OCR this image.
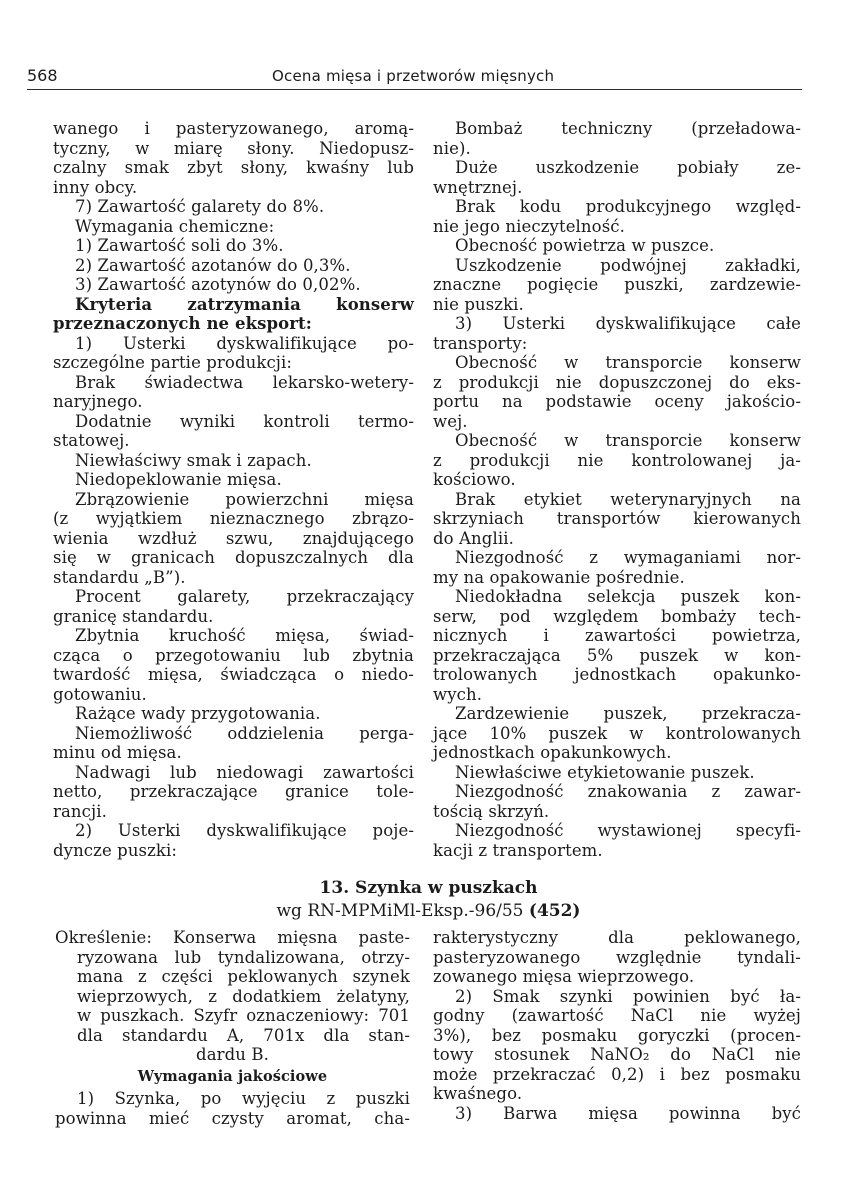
568	Ocena mięsa i przetworów mięsnych
wanego i pasteryzowanego, aromą-
tyczny, w miarę słony. Niedopusz-
czalny smak zbyt słony, kwaśny lub
inny obcy.
7) Zawartość galarety do 8%.
Wymagania chemiczne:
1) Zawartość soli do 3%.
2) Zawartość azotanów do 0,3%.
3) Zawartość azotynów do 0,02%.
Kryteria zatrzymania konserw
przeznaczonych ne eksport:
1) Usterki dyskwalifikujące po-
szczególne partie produkcji:
Brak świadectwa lekarsko-wetery-
naryjnego.
Dodatnie wyniki kontroli termo-
statowej.
Niewłaściwy smak i zapach.
Niedopeklowanie mięsa.
Zbrązowienie powierzchni mięsa
(z wyjątkiem nieznacznego zbrązo-
wienia wzdłuż szwu, znajdującego
się w granicach dopuszczalnych dla
standardu „B”).
Procent galarety, przekraczający
granicę standardu.
Zbytnia kruchość mięsa, świad-
cząca o przegotowaniu lub zbytnia
twardość mięsa, świadcząca o niedo-
gotowaniu.
Rażące wady przygotowania.
Niemożliwość oddzielenia perga-
minu od mięsa.
Nadwagi lub niedowagi zawartości
netto, przekraczające granice tole-
rancji.
2) Usterki dyskwalifikujące poje-
dyncze puszki:
Bombaż techniczny (przeładowa-
nie).
Duże uszkodzenie pobiały ze-
wnętrznej.
Brak kodu produkcyjnego względ-
nie jego nieczytelność.
Obecność powietrza w puszce.
Uszkodzenie podwójnej zakładki,
znaczne pogięcie puszki, zardzewie-
nie puszki.
3) Usterki dyskwalifikujące całe
transporty:
Obecność w transporcie konserw
z produkcji nie dopuszczonej do eks-
portu na podstawie oceny jakościo-
wej.
Obecność w transporcie konserw
z produkcji nie kontrolowanej ja-
kościowo.
Brak etykiet weterynaryjnych na
skrzyniach transportów kierowanych
do Anglii.
Niezgodność z wymaganiami nor-
my na opakowanie pośrednie.
Niedokładna selekcja puszek kon-
serw, pod względem bombaży tech-
nicznych i zawartości powietrza,
przekraczająca 5% puszek w kon-
trolowanych jednostkach opakunko-
wych.
Zardzewienie puszek, przekracza-
jące 10% puszek w kontrolowanych
jednostkach opakunkowych.
Niewłaściwe etykietowanie puszek.
Niezgodność znakowania z zawar-
tością skrzyń.
Niezgodność wystawionej specyfi-
kacji z transportem.
13. Szynka w puszkach
wg RN-MPMiMl-Eksp.-96/55 (452)
Określenie: Konserwa mięsna paste-
ryzowana lub tyndalizowana, otrzy-
mana z części peklowanych szynek
wieprzowych, z dodatkiem żelatyny,
w puszkach. Szyfr oznaczeniowy: 701
dla standardu A, 701x dla stan-
dardu B.
Wymagania jakościowe
1) Szynka, po wyjęciu z puszki
powinna mieć czysty aromat, cha-
rakterystyczny dla peklowanego,
pasteryzowanego względnie tyndali-
zowanego mięsa wieprzowego.
2) Smak szynki powinien być ła-
godny (zawartość NaCl nie wyżej
3%), bez posmaku goryczki (procen-
towy stosunek NaNO₂ do NaCl nie
może przekraczać 0,2) i bez posmaku
kwaśnego.
3) Barwa mięsa powinna być
